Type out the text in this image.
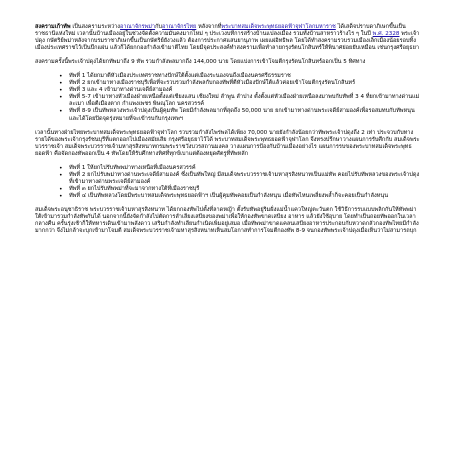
สงครามเก้าทัพ เป็นสงครามระหว่างอาณาจักรพม่ากับอาณาจักรไทย หลังจากที่พระบาทสมเด็จพระพุทธยอดฟ้าจุฬาโลกมหาราช ได้เสด็จปราบดาภิเษกขึ้นเป็นราชธานีแห่งใหม่ เวลานั้นบ้านเมืองอยู่ในช่วงจัดตั้งความมั่นคงมากไหม่ ๆ ประเวงบทีการสร้างบ้านแปลงเมือง รวมทั้งบ้านสาหราวร้างไร ๆ ในปี พ.ศ. 2328 พระเจ้าปดุง กษัตริย์พม่าหลังจากบรมราชาภิเษกขึ้นเป็นกษัตริย์ยังวงแล้ว ต้องการประกาศแสนยานุภาพ เผยแผ่อิทธิพล โดยได้ทำสงครามรวบรวมเมืองเล็กเมืองน้อยรอบทิ้งเมืองประเทศราชไว้เป็นปึกแผ่น แล้วก็ได้ยกกองกำลังเข้ามาตีไทย โดยมีจุดประสงค์ทำสงครามเพื่อทำลายกรุงรัตนโกสินทร์ให้พินาศย่อยยับเหมือน เช่นกรุงศรีอยุธยา

สงครามครั้งนี้พระเจ้าปดุงได้ยกทัพมาถึง 9 ทัพ รวมกำลังพลมากถึง 144,000 นาย โดยแบ่งการเข้าโจมตีกรุงรัตนโกสินทร์ออกเป็น 5 ทิศทาง

• ทัพที่ 1 ได้ยกมาตีหัวเมืองประเทศราชทางปักษ์ใต้ตั้งแต่เมืองระนองจนถึงเมืองนครศรีธรรมราช
• ทัพที่ 2 ยกเข้ามาทางเมืองราชบุรีเพื่อที่จะรวบรวมกำลังพลกับกองทัพที่ตีหัวเมืองปักษ์ใต้แล้วค่อยเข้าโจมตีกรุงรัตนโกสินทร์
• ทัพที่ 3 และ 4 เข้ามาทางด่านเจดีย์สามองค์
• ทัพที่ 5-7 เข้ามาทางหัวเมืองฝ่ายเหนือตั้งแต่เชียงแสน เชียงใหม่ ลำพูน ลำปาง ตั้งตั้งแต่หัวเมืองฝ่ายเหนือลงมาพบกับทัพที่ 3 4 ที่ยกเข้ามาทางด่านแม่ละเมา เพื่อตีเมืองตาก กำแพงเพชร พิษณุโลก นครสวรรค์
• ทัพที่ 8-9 เป็นทัพหลวงพระเจ้าปดุงเป็นผู้คุมทัพ โดยมีกำลังพลมากที่สุดถึง 50,000 นาย ยกเข้ามาทางด่านพระเจดีย์สามองค์เพื่อรอสมทบกับทัพหนุน และได้โดยปิดจุดรุ่งหมายที่จะเข้ารบกับกรุงเทพฯ

เวลานั้นทางฝ่ายไทยพระบาทสมเด็จพระพุทธยอดฟ้าจุฬาโลก รวบรวมกำลังไพร่พลได้เพียง 70,000 นายยังกำลังน้อยกว่าทัพพระเจ้าปดุงถึง 2 เท่า ประจวบกับทางรายได้ของพระเจ้ากรุงรัชนบุรีที่แตกออกไปเมืองสมัยเสีย กรุงศรีอยุธยาไว้ได้ พระบาทสมเด็จพระพุทธยอดฟ้าจุฬาโลก จึงทรงปรึกษาวางแผนการรับศึกกับ สมเด็จพระบวรราชเจ้า สมเด็จพระบวรราชเจ้ามหาสุรสิงหนาทกรมพระราชวังบวรสถานมงคล วางแผนการป้องกันบ้านเมืองอย่างไร แผนการรบของพระบาทสมเด็จพระพุทธยอดฟ้า คือจัดกองทัพออกเป็น 4 ทัพโดยให้รับศึกทางทิศที่ทุกข์เบาแต่ต้องหยุดศัตรูที่ทัพหลัก

• ทัพที่ 1 ให้ยกไปรับทัพพม่าทางเหนือที่เมืองนครสวรรค์
• ทัพที่ 2 ยกไปรับพม่าทางด่านพระเจดีย์สามองค์ ซึ่งเป็นทัพใหญ่ มีสมเด็จพระบวรราชเจ้ามหาสุรสิงหนาทเป็นแม่ทัพ คอยไปรับทัพหลวงของพระเจ้าปดุงที่เข้ามาทางด่านพระเจดีย์สามองค์
• ทัพที่ ๓ ยกไปรับทัพพม่าที่จะมาจากทางใต้ที่เมืองราชบุรี
• ทัพที่ ๔ เป็นทัพหลวงโดยมีพระบาทสมเด็จพระพุทธยอดฟ้าฯ เป็นผู้คุมทัพคอยเป็นกำลังหนุน เมื่อทัพไหนเพลี่ยงพล้ำก็จะคอยเป็นกำลังหนุน

สมเด็จพระอนุชาธิราช พระบวรราชเจ้ามหาสุรสิงหนาท ได้ยกกองทัพไปตั้งที่ลาดหญ้า ตั้งรับทัพอยู่ริมฝั่งแม่น้ำแควใหญ่ตะวันตก ใช้วิธีการรบแบบพลิกกันให้ทัพพม่าใต้เข้ามารวมกำลังทัพกันได้ นอกจากนี้ยังจัดกำลังไปตัดการลำเลียงเสบียงของพม่าเพื่อให้กองทัพขาดเสบียง อาหาร แล้วยังใช้อุบาย โดยทำเป็นถอยทัพออกในเวลากลางคืน ครั้นรุ่งเช้าก็ให้ทหารเดินเข้ามาพลังดาว เสริมกำลังทำเลียนกำเนิดเพิ่มอยู่เสมอ เมื่อทัพพม่าขาดแคลนเสบียงอาหารประกอบกับหวาดกลัวกองทัพไทยมีกำลัง มากกว่า จึงไม่กล้าจะบุกเข้ามาโจมตี สมเด็จพระบวรราชเจ้ามหาสุรสิงหนาทเห็นสมโอกาสทำการโจมตีกองทัพ 8-9 จนกองทัพพระเจ้าปดุงเมื่อเห็นว่าไม่สามารถบุก
